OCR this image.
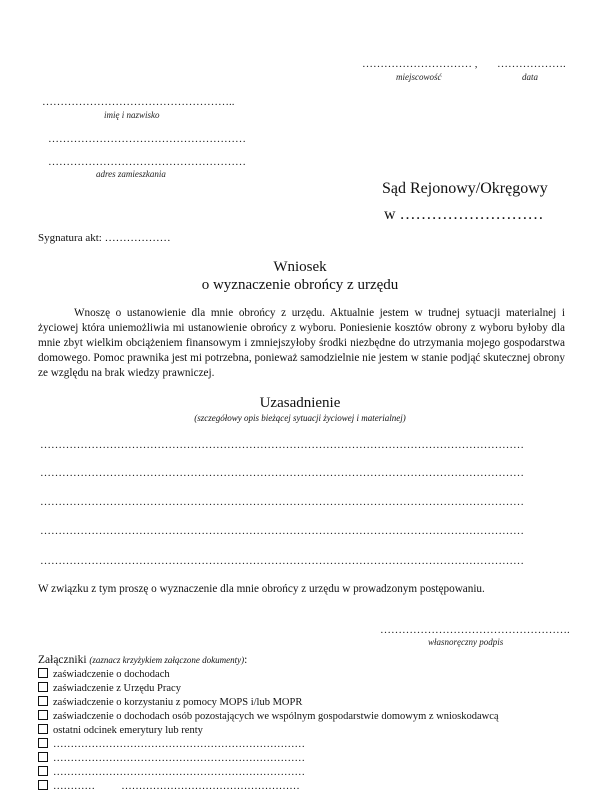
………………………… ,
miejscowość
……………….
data
……………………………………………..
imię i nazwisko
………………………………………………
………………………………………………
adres zamieszkania
Sąd Rejonowy/Okręgowy
w ………………………
Sygnatura akt: ………………
Wniosek
o wyznaczenie obrońcy z urzędu
Wnoszę o ustanowienie dla mnie obrońcy z urzędu. Aktualnie jestem w trudnej sytuacji materialnej i życiowej która uniemożliwia mi ustanowienie obrońcy z wyboru. Poniesienie kosztów obrony z wyboru byłoby dla mnie zbyt wielkim obciążeniem finansowym i zmniejszyłoby środki niezbędne do utrzymania mojego gospodarstwa domowego. Pomoc prawnika jest mi potrzebna, ponieważ samodzielnie nie jestem w stanie podjąć skutecznej obrony ze względu na brak wiedzy prawniczej.
Uzasadnienie
(szczegółowy opis bieżącej sytuacji życiowej i materialnej)
……………………………………………………………………………………………………………………
……………………………………………………………………………………………………………………
……………………………………………………………………………………………………………………
……………………………………………………………………………………………………………………
……………………………………………………………………………………………………………………
W związku z tym proszę o wyznaczenie dla mnie obrońcy z urzędu w prowadzonym postępowaniu.
…………………………………………….
własnoręczny podpis
Załączniki (zaznacz krzyżykiem załączone dokumenty):
zaświadczenie o dochodach
zaświadczenie z Urzędu Pracy
zaświadczenie o korzystaniu z pomocy MOPS i/lub MOPR
zaświadczenie o dochodach osób pozostających we wspólnym gospodarstwie domowym z wnioskodawcą
ostatni odcinek emerytury lub renty
………………………………………………………………
………………………………………………………………
………………………………………………………………
…………          ……………………………………………
